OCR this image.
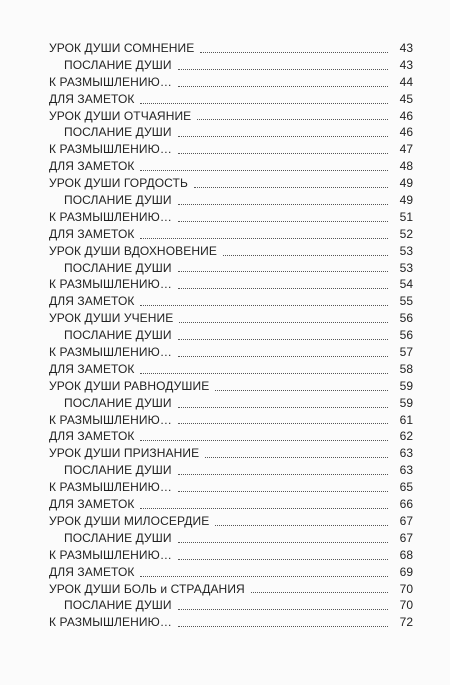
УРОК ДУШИ СОМНЕНИЕ	43
ПОСЛАНИЕ ДУШИ	43
К РАЗМЫШЛЕНИЮ…	44
ДЛЯ ЗАМЕТОК	45
УРОК ДУШИ ОТЧАЯНИЕ	46
ПОСЛАНИЕ ДУШИ	46
К РАЗМЫШЛЕНИЮ…	47
ДЛЯ ЗАМЕТОК	48
УРОК ДУШИ ГОРДОСТЬ	49
ПОСЛАНИЕ ДУШИ	49
К РАЗМЫШЛЕНИЮ…	51
ДЛЯ ЗАМЕТОК	52
УРОК ДУШИ ВДОХНОВЕНИЕ	53
ПОСЛАНИЕ ДУШИ	53
К РАЗМЫШЛЕНИЮ…	54
ДЛЯ ЗАМЕТОК	55
УРОК ДУШИ УЧЕНИЕ	56
ПОСЛАНИЕ ДУШИ	56
К РАЗМЫШЛЕНИЮ…	57
ДЛЯ ЗАМЕТОК	58
УРОК ДУШИ РАВНОДУШИЕ	59
ПОСЛАНИЕ ДУШИ	59
К РАЗМЫШЛЕНИЮ…	61
ДЛЯ ЗАМЕТОК	62
УРОК ДУШИ ПРИЗНАНИЕ	63
ПОСЛАНИЕ ДУШИ	63
К РАЗМЫШЛЕНИЮ…	65
ДЛЯ ЗАМЕТОК	66
УРОК ДУШИ МИЛОСЕРДИЕ	67
ПОСЛАНИЕ ДУШИ	67
К РАЗМЫШЛЕНИЮ…	68
ДЛЯ ЗАМЕТОК	69
УРОК ДУШИ БОЛЬ и СТРАДАНИЯ	70
ПОСЛАНИЕ ДУШИ	70
К РАЗМЫШЛЕНИЮ…	72
